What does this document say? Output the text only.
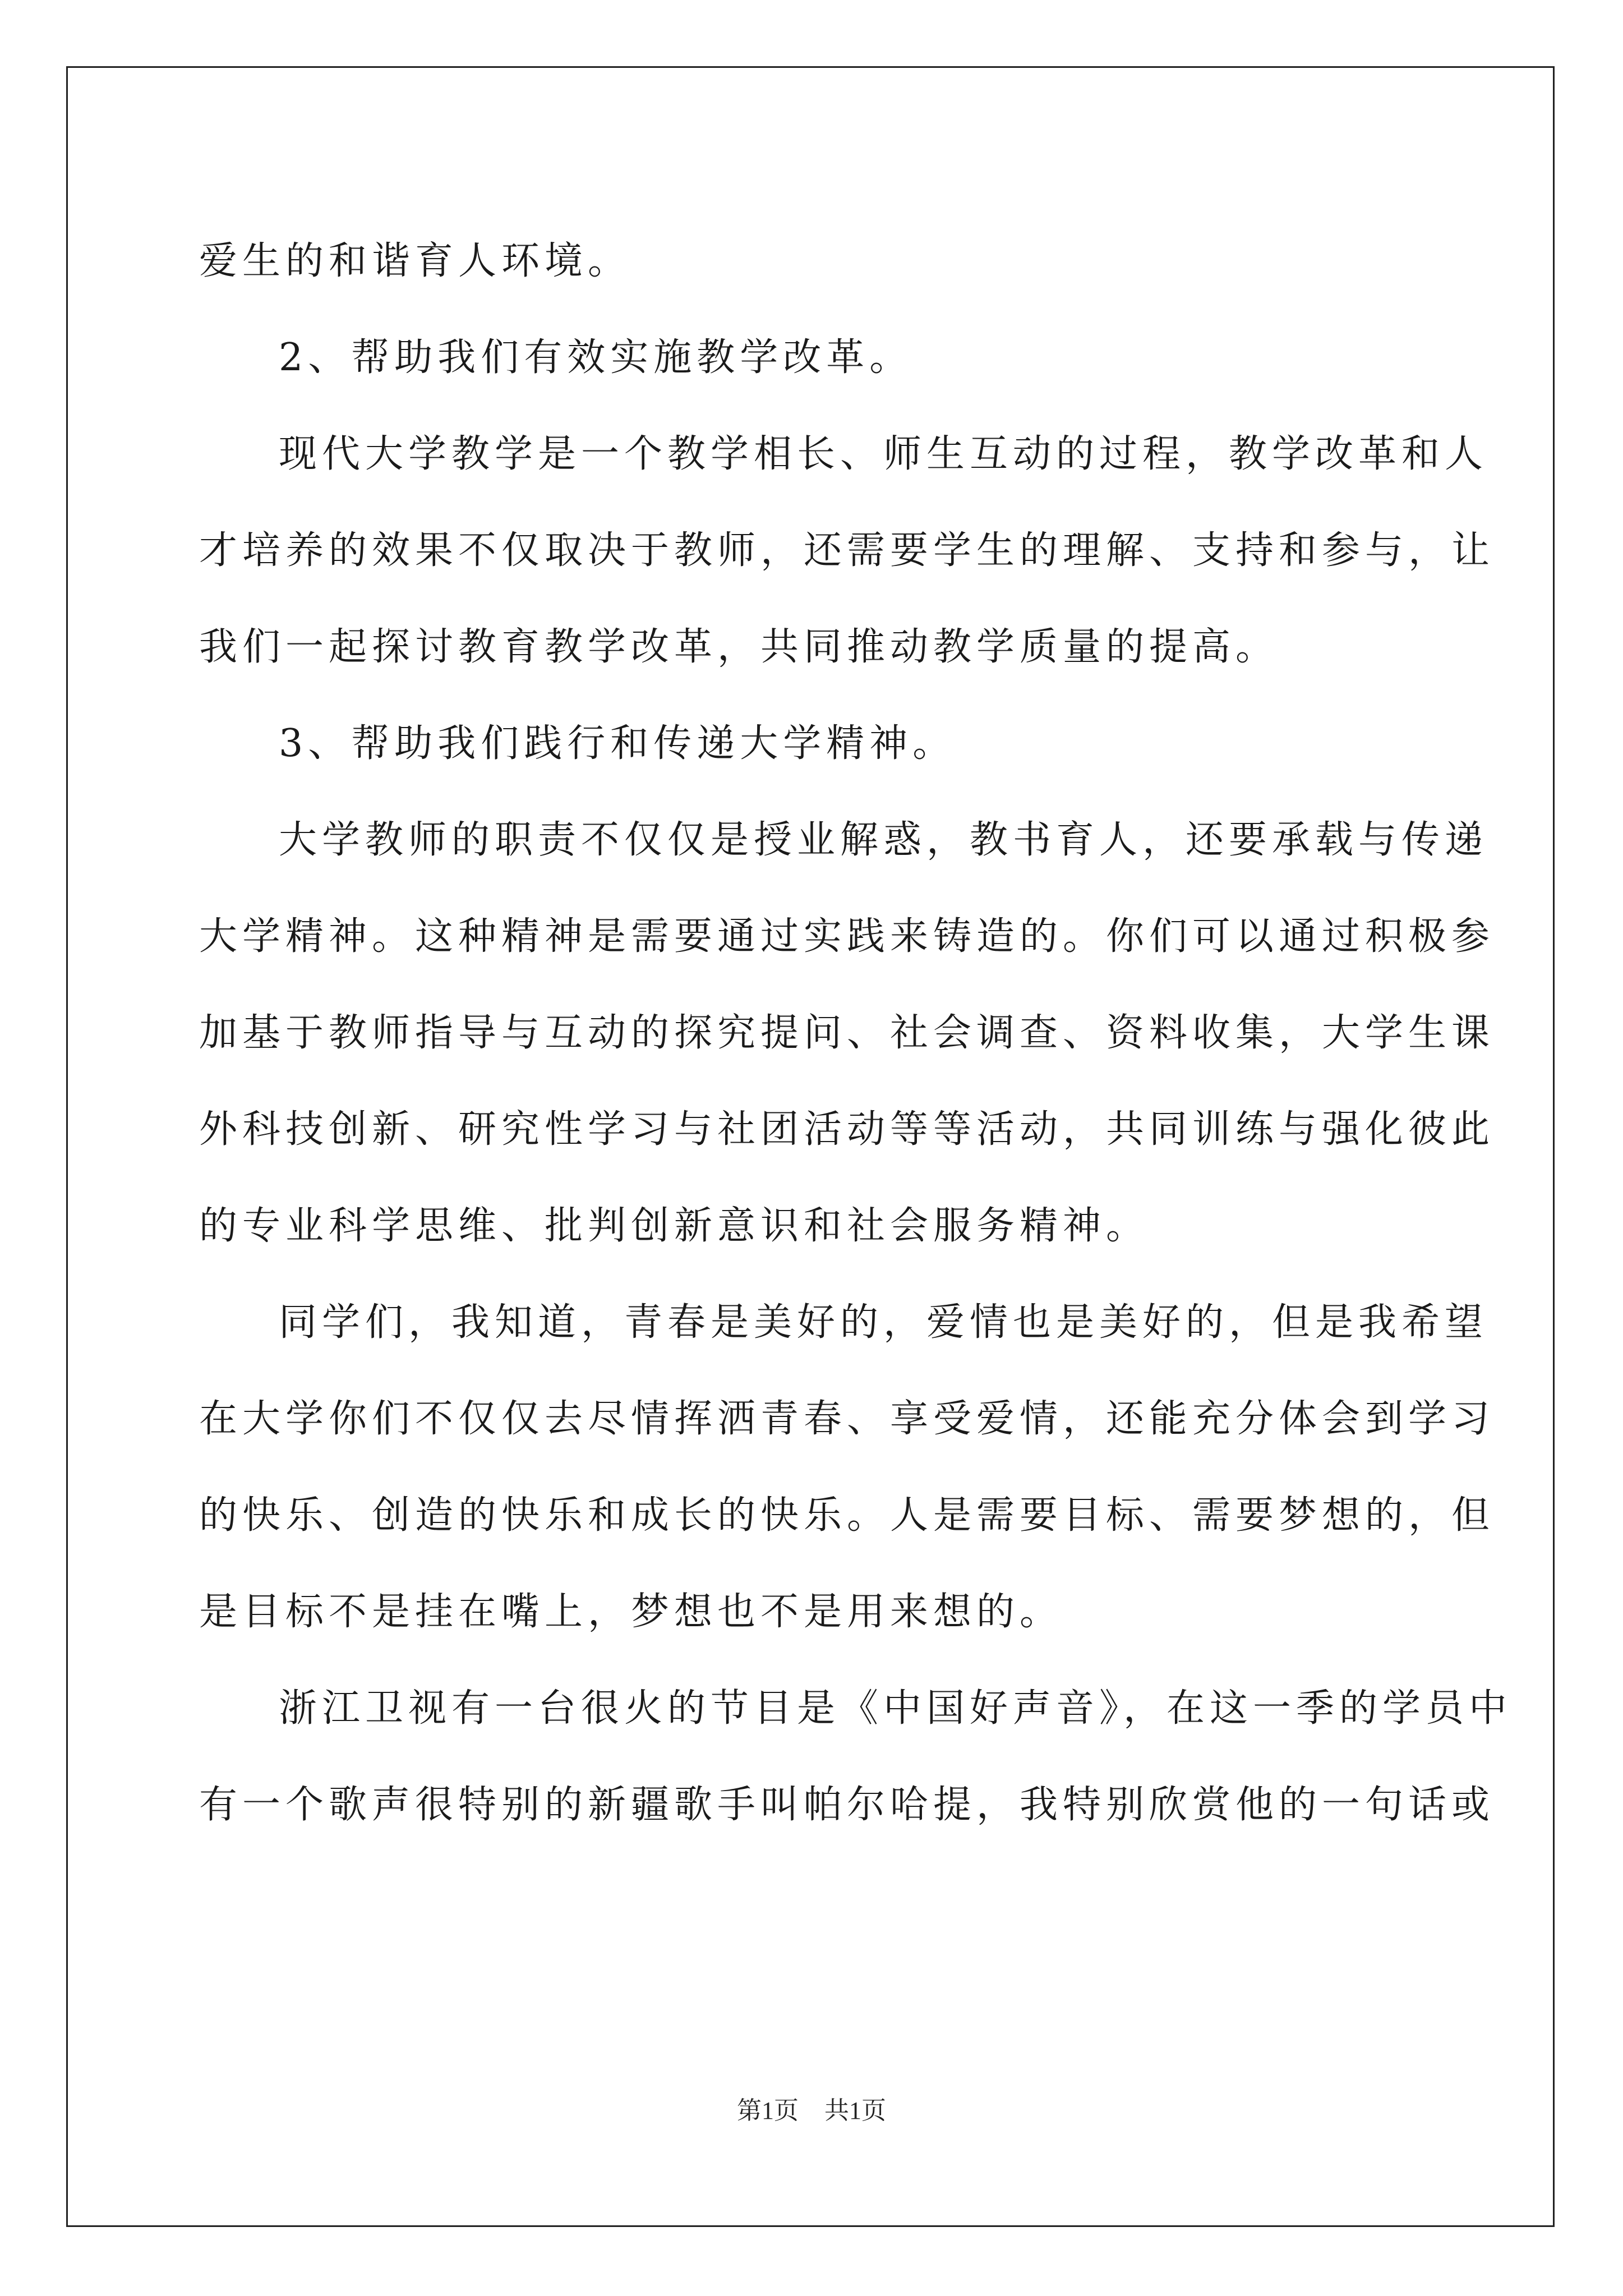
爱生的和谐育人环境。
2、帮助我们有效实施教学改革。
现代大学教学是一个教学相长、师生互动的过程，教学改革和人
才培养的效果不仅取决于教师，还需要学生的理解、支持和参与，让
我们一起探讨教育教学改革，共同推动教学质量的提高。
3、帮助我们践行和传递大学精神。
大学教师的职责不仅仅是授业解惑，教书育人，还要承载与传递
大学精神。这种精神是需要通过实践来铸造的。你们可以通过积极参
加基于教师指导与互动的探究提问、社会调查、资料收集，大学生课
外科技创新、研究性学习与社团活动等等活动，共同训练与强化彼此
的专业科学思维、批判创新意识和社会服务精神。
同学们，我知道，青春是美好的，爱情也是美好的，但是我希望
在大学你们不仅仅去尽情挥洒青春、享受爱情，还能充分体会到学习
的快乐、创造的快乐和成长的快乐。人是需要目标、需要梦想的，但
是目标不是挂在嘴上，梦想也不是用来想的。
浙江卫视有一台很火的节目是《中国好声音》，在这一季的学员中
有一个歌声很特别的新疆歌手叫帕尔哈提，我特别欣赏他的一句话或
第1页 共1页
